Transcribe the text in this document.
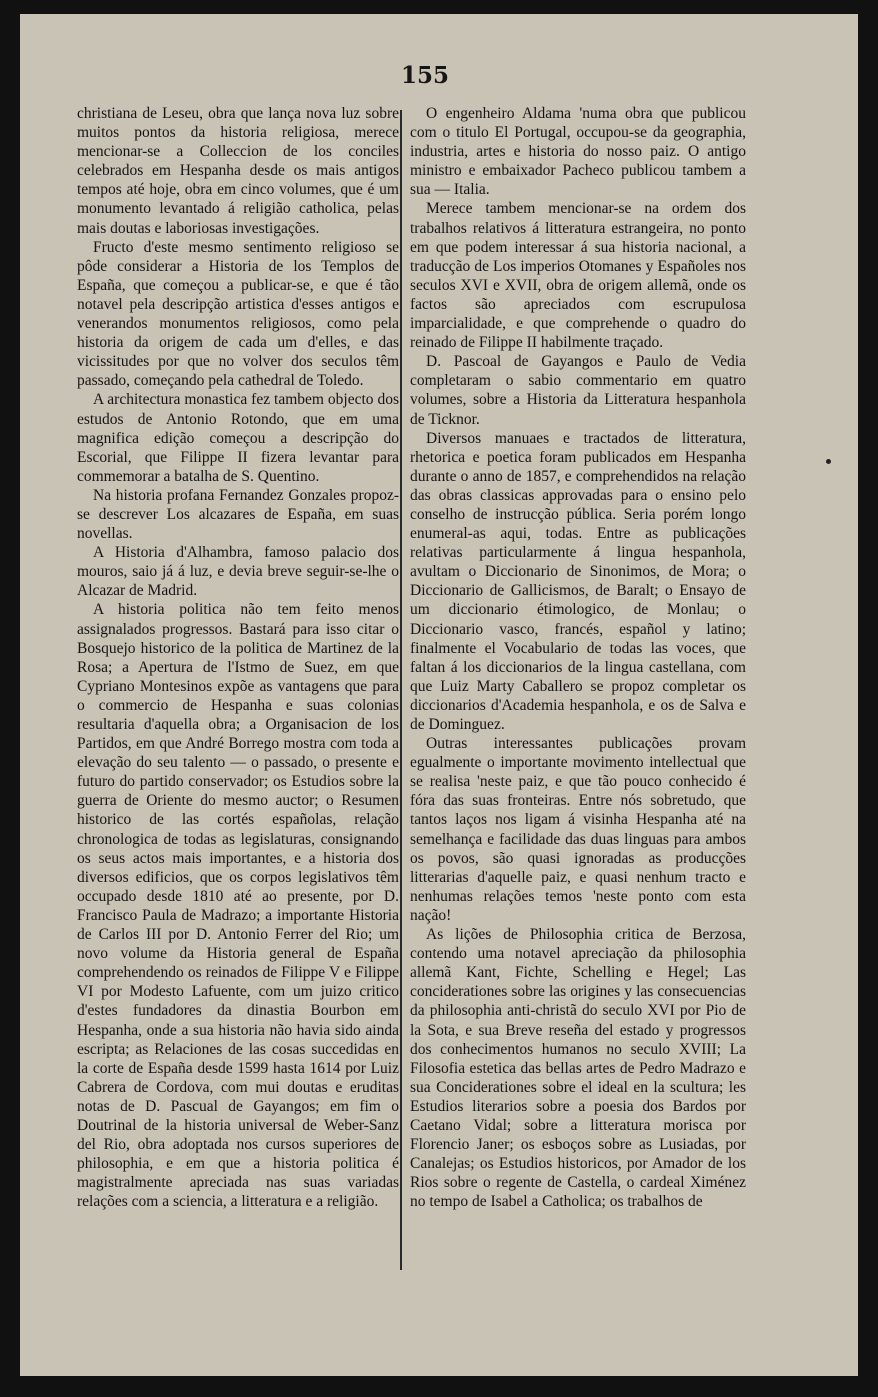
155

christiana de Leseu, obra que lança nova luz sobre muitos pontos da historia religiosa, merece mencionar-se a Colleccion de los conciles celebrados em Hespanha desde os mais antigos tempos até hoje, obra em cinco volumes, que é um monumento levantado á religião catholica, pelas mais doutas e laboriosas investigações.

Fructo d'este mesmo sentimento religioso se pôde considerar a Historia de los Templos de España, que começou a publicar-se, e que é tão notavel pela descripção artistica d'esses antigos e venerandos monumentos religiosos, como pela historia da origem de cada um d'elles, e das vicissitudes por que no volver dos seculos têm passado, começando pela cathedral de Toledo.

A architectura monastica fez tambem objecto dos estudos de Antonio Rotondo, que em uma magnifica edição começou a descripção do Escorial, que Filippe II fizera levantar para commemorar a batalha de S. Quentino.

Na historia profana Fernandez Gonzales propoz-se descrever Los alcazares de España, em suas novellas.

A Historia d'Alhambra, famoso palacio dos mouros, saio já á luz, e devia breve seguir-se-lhe o Alcazar de Madrid.

A historia politica não tem feito menos assignalados progressos. Bastará para isso citar o Bosquejo historico de la politica de Martinez de la Rosa; a Apertura de l'Istmo de Suez, em que Cypriano Montesinos expõe as vantagens que para o commercio de Hespanha e suas colonias resultaria d'aquella obra; a Organisacion de los Partidos, em que André Borrego mostra com toda a elevação do seu talento — o passado, o presente e futuro do partido conservador; os Estudios sobre la guerra de Oriente do mesmo auctor; o Resumen historico de las cortés españolas, relação chronologica de todas as legislaturas, consignando os seus actos mais importantes, e a historia dos diversos edificios, que os corpos legislativos têm occupado desde 1810 até ao presente, por D. Francisco Paula de Madrazo; a importante Historia de Carlos III por D. Antonio Ferrer del Rio; um novo volume da Historia general de España comprehendendo os reinados de Filippe V e Filippe VI por Modesto Lafuente, com um juizo critico d'estes fundadores da dinastia Bourbon em Hespanha, onde a sua historia não havia sido ainda escripta; as Relaciones de las cosas succedidas en la corte de España desde 1599 hasta 1614 por Luiz Cabrera de Cordova, com mui doutas e eruditas notas de D. Pascual de Gayangos; em fim o Doutrinal de la historia universal de Weber-Sanz del Rio, obra adoptada nos cursos superiores de philosophia, e em que a historia politica é magistralmente apreciada nas suas variadas relações com a sciencia, a litteratura e a religião.

O engenheiro Aldama 'numa obra que publicou com o titulo El Portugal, occupou-se da geographia, industria, artes e historia do nosso paiz. O antigo ministro e embaixador Pacheco publicou tambem a sua — Italia.

Merece tambem mencionar-se na ordem dos trabalhos relativos á litteratura estrangeira, no ponto em que podem interessar á sua historia nacional, a traducção de Los imperios Otomanes y Españoles nos seculos XVI e XVII, obra de origem allemã, onde os factos são apreciados com escrupulosa imparcialidade, e que comprehende o quadro do reinado de Filippe II habilmente traçado.

D. Pascoal de Gayangos e Paulo de Vedia completaram o sabio commentario em quatro volumes, sobre a Historia da Litteratura hespanhola de Ticknor.

Diversos manuaes e tractados de litteratura, rhetorica e poetica foram publicados em Hespanha durante o anno de 1857, e comprehendidos na relação das obras classicas approvadas para o ensino pelo conselho de instrucção pública. Seria porém longo enumeral-as aqui, todas. Entre as publicações relativas particularmente á lingua hespanhola, avultam o Diccionario de Sinonimos, de Mora; o Diccionario de Gallicismos, de Baralt; o Ensayo de um diccionario étimologico, de Monlau; o Diccionario vasco, francés, español y latino; finalmente el Vocabulario de todas las voces, que faltan á los diccionarios de la lingua castellana, com que Luiz Marty Caballero se propoz completar os diccionarios d'Academia hespanhola, e os de Salva e de Dominguez.

Outras interessantes publicações provam egualmente o importante movimento intellectual que se realisa 'neste paiz, e que tão pouco conhecido é fóra das suas fronteiras. Entre nós sobretudo, que tantos laços nos ligam á visinha Hespanha até na semelhança e facilidade das duas linguas para ambos os povos, são quasi ignoradas as producções litterarias d'aquelle paiz, e quasi nenhum tracto e nenhumas relações temos 'neste ponto com esta nação!

As lições de Philosophia critica de Berzosa, contendo uma notavel apreciação da philosophia allemã Kant, Fichte, Schelling e Hegel; Las conciderationes sobre las origines y las consecuencias da philosophia anti-christã do seculo XVI por Pio de la Sota, e sua Breve reseña del estado y progressos dos conhecimentos humanos no seculo XVIII; La Filosofia estetica das bellas artes de Pedro Madrazo e sua Conciderationes sobre el ideal en la scultura; les Estudios literarios sobre a poesia dos Bardos por Caetano Vidal; sobre a litteratura morisca por Florencio Janer; os esboços sobre as Lusiadas, por Canalejas; os Estudios historicos, por Amador de los Rios sobre o regente de Castella, o cardeal Ximénez no tempo de Isabel a Catholica; os trabalhos de
